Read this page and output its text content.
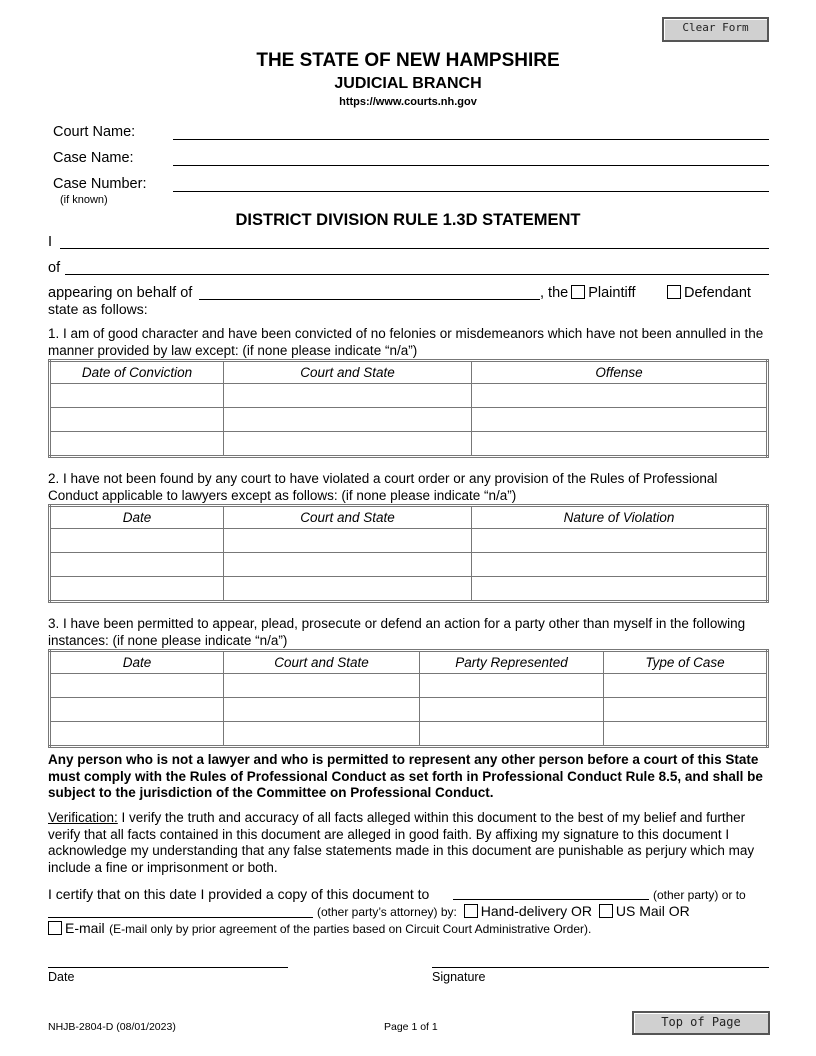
Clear Form
THE STATE OF NEW HAMPSHIRE
JUDICIAL BRANCH
https://www.courts.nh.gov
Court Name:
Case Name:
Case Number:
(if known)
DISTRICT DIVISION RULE 1.3D STATEMENT
I
of
appearing on behalf of	, the Plaintiff	Defendant
state as follows:
1. I am of good character and have been convicted of no felonies or misdemeanors which have not been annulled in the manner provided by law except: (if none please indicate “n/a”)
Date of Conviction	Court and State	Offense

2. I have not been found by any court to have violated a court order or any provision of the Rules of Professional Conduct applicable to lawyers except as follows: (if none please indicate “n/a”)
Date	Court and State	Nature of Violation

3. I have been permitted to appear, plead, prosecute or defend an action for a party other than myself in the following instances: (if none please indicate “n/a”)
Date	Court and State	Party Represented	Type of Case

Any person who is not a lawyer and who is permitted to represent any other person before a court of this State must comply with the Rules of Professional Conduct as set forth in Professional Conduct Rule 8.5, and shall be subject to the jurisdiction of the Committee on Professional Conduct.
Verification: I verify the truth and accuracy of all facts alleged within this document to the best of my belief and further verify that all facts contained in this document are alleged in good faith. By affixing my signature to this document I acknowledge my understanding that any false statements made in this document are punishable as perjury which may include a fine or imprisonment or both.
I certify that on this date I provided a copy of this document to	(other party) or to
(other party’s attorney) by: Hand-delivery OR US Mail OR
E-mail (E-mail only by prior agreement of the parties based on Circuit Court Administrative Order).
Date	Signature
NHJB-2804-D (08/01/2023)	Page 1 of 1	Top of Page
